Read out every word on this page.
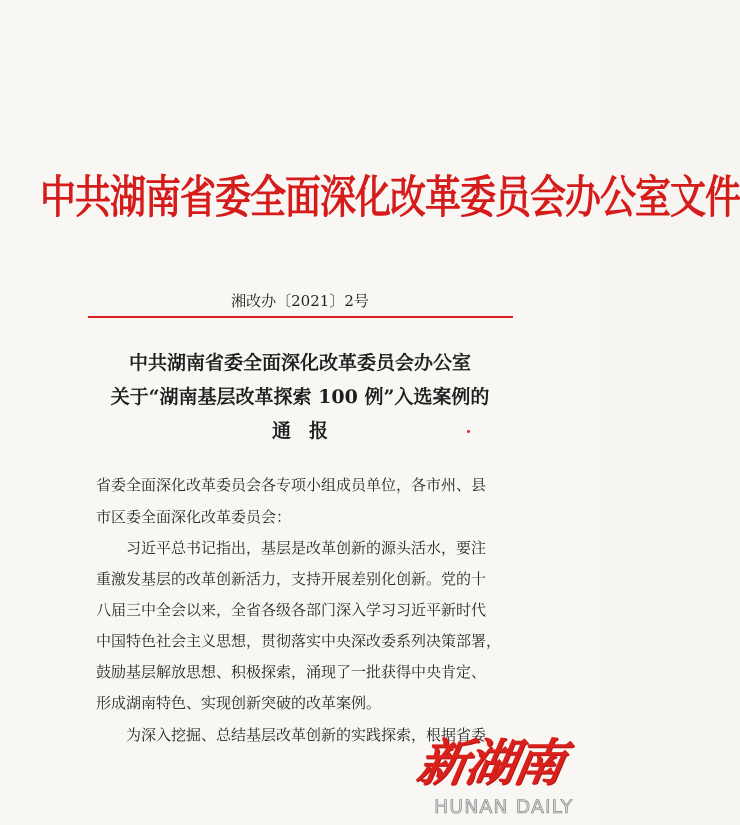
中共湖南省委全面深化改革委员会办公室文件
湘改办〔2021〕2号
中共湖南省委全面深化改革委员会办公室
关于“湖南基层改革探索 100 例”入选案例的
通报
省委全面深化改革委员会各专项小组成员单位，各市州、县
市区委全面深化改革委员会：
　　习近平总书记指出，基层是改革创新的源头活水，要注
重激发基层的改革创新活力，支持开展差别化创新。党的十
八届三中全会以来，全省各级各部门深入学习习近平新时代
中国特色社会主义思想，贯彻落实中央深改委系列决策部署，
鼓励基层解放思想、积极探索，涌现了一批获得中央肯定、
形成湖南特色、实现创新突破的改革案例。
　　为深入挖掘、总结基层改革创新的实践探索，根据省委
新湖南
HUNAN DAILY
